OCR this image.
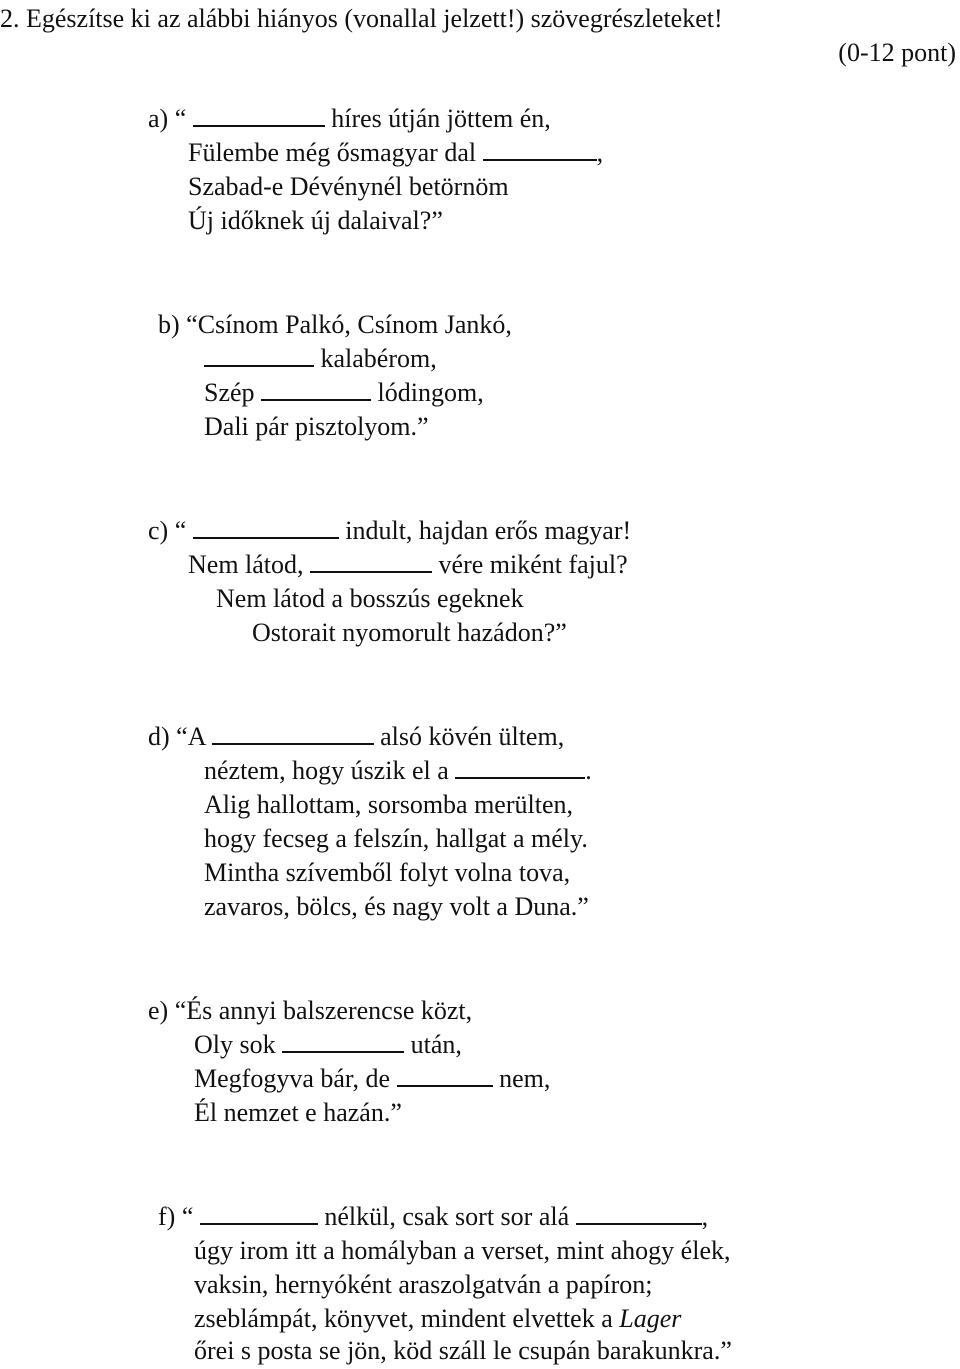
2. Egészítse ki az alábbi hiányos (vonallal jelzett!) szövegrészleteket!
(0-12 pont)
a) “	híres útján jöttem én,
Fülembe még ősmagyar dal	,
Szabad-e Dévénynél betörnöm
Új időknek új dalaival?”
b) “Csínom Palkó, Csínom Jankó,
kalabérom,
Szép	lódingom,
Dali pár pisztolyom.”
c) “	indult, hajdan erős magyar!
Nem látod,	vére miként fajul?
Nem látod a bosszús egeknek
Ostorait nyomorult hazádon?”
d) “A	alsó kövén ültem,
néztem, hogy úszik el a	.
Alig hallottam, sorsomba merülten,
hogy fecseg a felszín, hallgat a mély.
Mintha szívemből folyt volna tova,
zavaros, bölcs, és nagy volt a Duna.”
e) “És annyi balszerencse közt,
Oly sok	után,
Megfogyva bár, de	nem,
Él nemzet e hazán.”
f) “	nélkül, csak sort sor alá	,
úgy irom itt a homályban a verset, mint ahogy élek,
vaksin, hernyóként araszolgatván a papíron;
zseblámpát, könyvet, mindent elvettek a Lager
őrei s posta se jön, köd száll le csupán barakunkra.”
